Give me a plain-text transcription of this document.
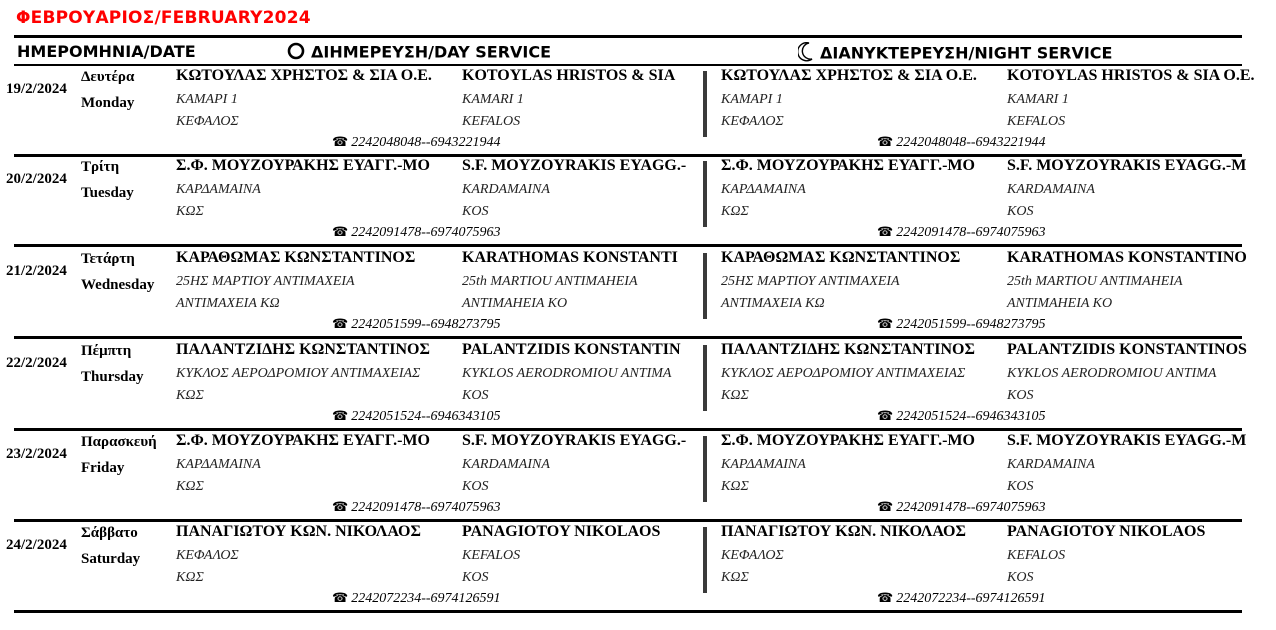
ΦΕΒΡΟΥΑΡΙΟΣ/FEBRUARY2024
ΗΜΕΡΟΜΗΝΙΑ/DATE	ΔΙΗΜΕΡΕΥΣΗ/DAY SERVICE	ΔΙΑΝΥΚΤΕΡΕΥΣΗ/NIGHT SERVICE
19/2/2024
Δευτέρα
Monday
ΚΩΤΟΥΛΑΣ ΧΡΗΣΤΟΣ & ΣΙΑ Ο.Ε.
ΚΑΜΑΡΙ 1
ΚΕΦΑΛΟΣ
KOTOYLAS HRISTOS & SIA
KAMARI 1
KEFALOS
☎ 2242048048--6943221944
ΚΩΤΟΥΛΑΣ ΧΡΗΣΤΟΣ & ΣΙΑ Ο.Ε.
ΚΑΜΑΡΙ 1
ΚΕΦΑΛΟΣ
KOTOYLAS HRISTOS & SIA O.E.
KAMARI 1
KEFALOS
☎ 2242048048--6943221944
20/2/2024
Τρίτη
Tuesday
Σ.Φ. ΜΟΥΖΟΥΡΑΚΗΣ ΕΥΑΓΓ.-ΜΟ
ΚΑΡΔΑΜΑΙΝΑ
ΚΩΣ
S.F. MOYZOYRAKIS EYAGG.-
KARDAMAINA
KOS
☎ 2242091478--6974075963
Σ.Φ. ΜΟΥΖΟΥΡΑΚΗΣ ΕΥΑΓΓ.-ΜΟ
ΚΑΡΔΑΜΑΙΝΑ
ΚΩΣ
S.F. MOYZOYRAKIS EYAGG.-M
KARDAMAINA
KOS
☎ 2242091478--6974075963
21/2/2024
Τετάρτη
Wednesday
ΚΑΡΑΘΩΜΑΣ ΚΩΝΣΤΑΝΤΙΝΟΣ
25ΗΣ ΜΑΡΤΙΟΥ ΑΝΤΙΜΑΧΕΙΑ
ΑΝΤΙΜΑΧΕΙΑ ΚΩ
KARATHOMAS KONSTANTI
25th MARTIOU ANTIMAHEIA
ANTIMAHEIA KO
☎ 2242051599--6948273795
ΚΑΡΑΘΩΜΑΣ ΚΩΝΣΤΑΝΤΙΝΟΣ
25ΗΣ ΜΑΡΤΙΟΥ ΑΝΤΙΜΑΧΕΙΑ
ΑΝΤΙΜΑΧΕΙΑ ΚΩ
KARATHOMAS KONSTANTINO
25th MARTIOU ANTIMAHEIA
ANTIMAHEIA KO
☎ 2242051599--6948273795
22/2/2024
Πέμπτη
Thursday
ΠΑΛΑΝΤΖΙΔΗΣ ΚΩΝΣΤΑΝΤΙΝΟΣ
ΚΥΚΛΟΣ ΑΕΡΟΔΡΟΜΙΟΥ ΑΝΤΙΜΑΧΕΙΑΣ
ΚΩΣ
PALANTZIDIS KONSTANTIN
KYKLOS AERODROMIOU ANTIMA
KOS
☎ 2242051524--6946343105
ΠΑΛΑΝΤΖΙΔΗΣ ΚΩΝΣΤΑΝΤΙΝΟΣ
ΚΥΚΛΟΣ ΑΕΡΟΔΡΟΜΙΟΥ ΑΝΤΙΜΑΧΕΙΑΣ
ΚΩΣ
PALANTZIDIS KONSTANTINOS
KYKLOS AERODROMIOU ANTIMA
KOS
☎ 2242051524--6946343105
23/2/2024
Παρασκευή
Friday
Σ.Φ. ΜΟΥΖΟΥΡΑΚΗΣ ΕΥΑΓΓ.-ΜΟ
ΚΑΡΔΑΜΑΙΝΑ
ΚΩΣ
S.F. MOYZOYRAKIS EYAGG.-
KARDAMAINA
KOS
☎ 2242091478--6974075963
Σ.Φ. ΜΟΥΖΟΥΡΑΚΗΣ ΕΥΑΓΓ.-ΜΟ
ΚΑΡΔΑΜΑΙΝΑ
ΚΩΣ
S.F. MOYZOYRAKIS EYAGG.-M
KARDAMAINA
KOS
☎ 2242091478--6974075963
24/2/2024
Σάββατο
Saturday
ΠΑΝΑΓΙΩΤΟΥ ΚΩΝ. ΝΙΚΟΛΑΟΣ
ΚΕΦΑΛΟΣ
ΚΩΣ
PANAGIOTOY NIKOLAOS
KEFALOS
KOS
☎ 2242072234--6974126591
ΠΑΝΑΓΙΩΤΟΥ ΚΩΝ. ΝΙΚΟΛΑΟΣ
ΚΕΦΑΛΟΣ
ΚΩΣ
PANAGIOTOY NIKOLAOS
KEFALOS
KOS
☎ 2242072234--6974126591
